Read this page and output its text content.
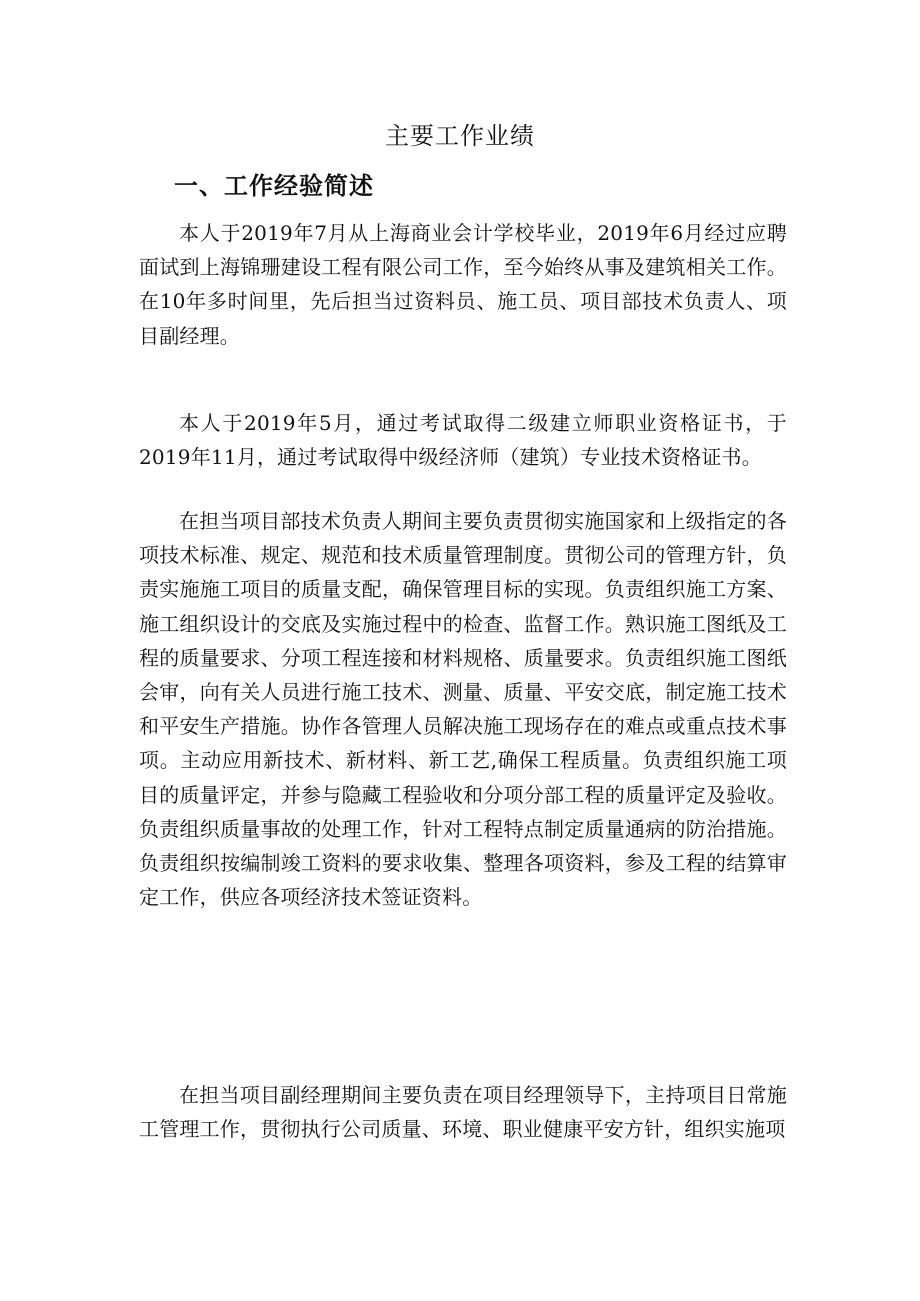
主要工作业绩
一、工作经验简述

本人于2019年7月从上海商业会计学校毕业，2019年6月经过应聘面试到上海锦珊建设工程有限公司工作，至今始终从事及建筑相关工作。在10年多时间里，先后担当过资料员、施工员、项目部技术负责人、项目副经理。

本人于2019年5月，通过考试取得二级建立师职业资格证书，于2019年11月，通过考试取得中级经济师（建筑）专业技术资格证书。

在担当项目部技术负责人期间主要负责贯彻实施国家和上级指定的各项技术标准、规定、规范和技术质量管理制度。贯彻公司的管理方针，负责实施施工项目的质量支配，确保管理目标的实现。负责组织施工方案、施工组织设计的交底及实施过程中的检查、监督工作。熟识施工图纸及工程的质量要求、分项工程连接和材料规格、质量要求。负责组织施工图纸会审，向有关人员进行施工技术、测量、质量、平安交底，制定施工技术和平安生产措施。协作各管理人员解决施工现场存在的难点或重点技术事项。主动应用新技术、新材料、新工艺,确保工程质量。负责组织施工项目的质量评定，并参与隐藏工程验收和分项分部工程的质量评定及验收。负责组织质量事故的处理工作，针对工程特点制定质量通病的防治措施。负责组织按编制竣工资料的要求收集、整理各项资料，参及工程的结算审定工作，供应各项经济技术签证资料。

在担当项目副经理期间主要负责在项目经理领导下，主持项目日常施工管理工作，贯彻执行公司质量、环境、职业健康平安方针，组织实施项
